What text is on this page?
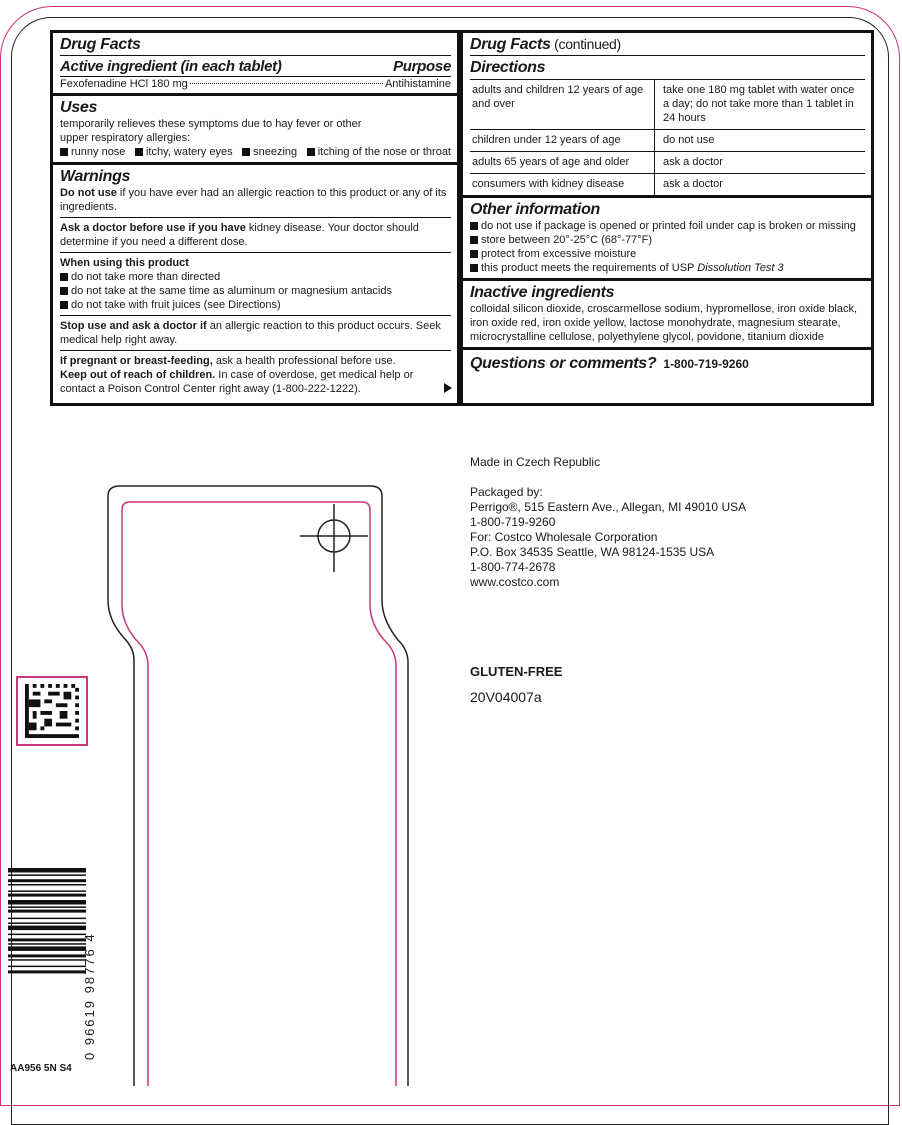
Drug Facts
Active ingredient (in each tablet)	Purpose
Fexofenadine HCl 180 mg	Antihistamine
Uses
temporarily relieves these symptoms due to hay fever or other upper respiratory allergies:
runny nose	itchy, watery eyes	sneezing	itching of the nose or throat
Warnings
Do not use if you have ever had an allergic reaction to this product or any of its ingredients.
Ask a doctor before use if you have kidney disease. Your doctor should determine if you need a different dose.
When using this product
do not take more than directed
do not take at the same time as aluminum or magnesium antacids
do not take with fruit juices (see Directions)
Stop use and ask a doctor if an allergic reaction to this product occurs. Seek medical help right away.
If pregnant or breast-feeding, ask a health professional before use.
Keep out of reach of children. In case of overdose, get medical help or contact a Poison Control Center right away (1-800-222-1222).
Drug Facts (continued)
Directions
adults and children 12 years of age and over	take one 180 mg tablet with water once a day; do not take more than 1 tablet in 24 hours
children under 12 years of age	do not use
adults 65 years of age and older	ask a doctor
consumers with kidney disease	ask a doctor
Other information
do not use if package is opened or printed foil under cap is broken or missing
store between 20°-25°C (68°-77°F)
protect from excessive moisture
this product meets the requirements of USP Dissolution Test 3
Inactive ingredients
colloidal silicon dioxide, croscarmellose sodium, hypromellose, iron oxide black, iron oxide red, iron oxide yellow, lactose monohydrate, magnesium stearate, microcrystalline cellulose, polyethylene glycol, povidone, titanium dioxide
Questions or comments? 1-800-719-9260
Made in Czech Republic
Packaged by:
Perrigo®, 515 Eastern Ave., Allegan, MI 49010 USA
1-800-719-9260
For: Costco Wholesale Corporation
P.O. Box 34535 Seattle, WA 98124-1535 USA
1-800-774-2678
www.costco.com
GLUTEN-FREE
20V04007a
0 96619 98776 4
AA956 5N S4
